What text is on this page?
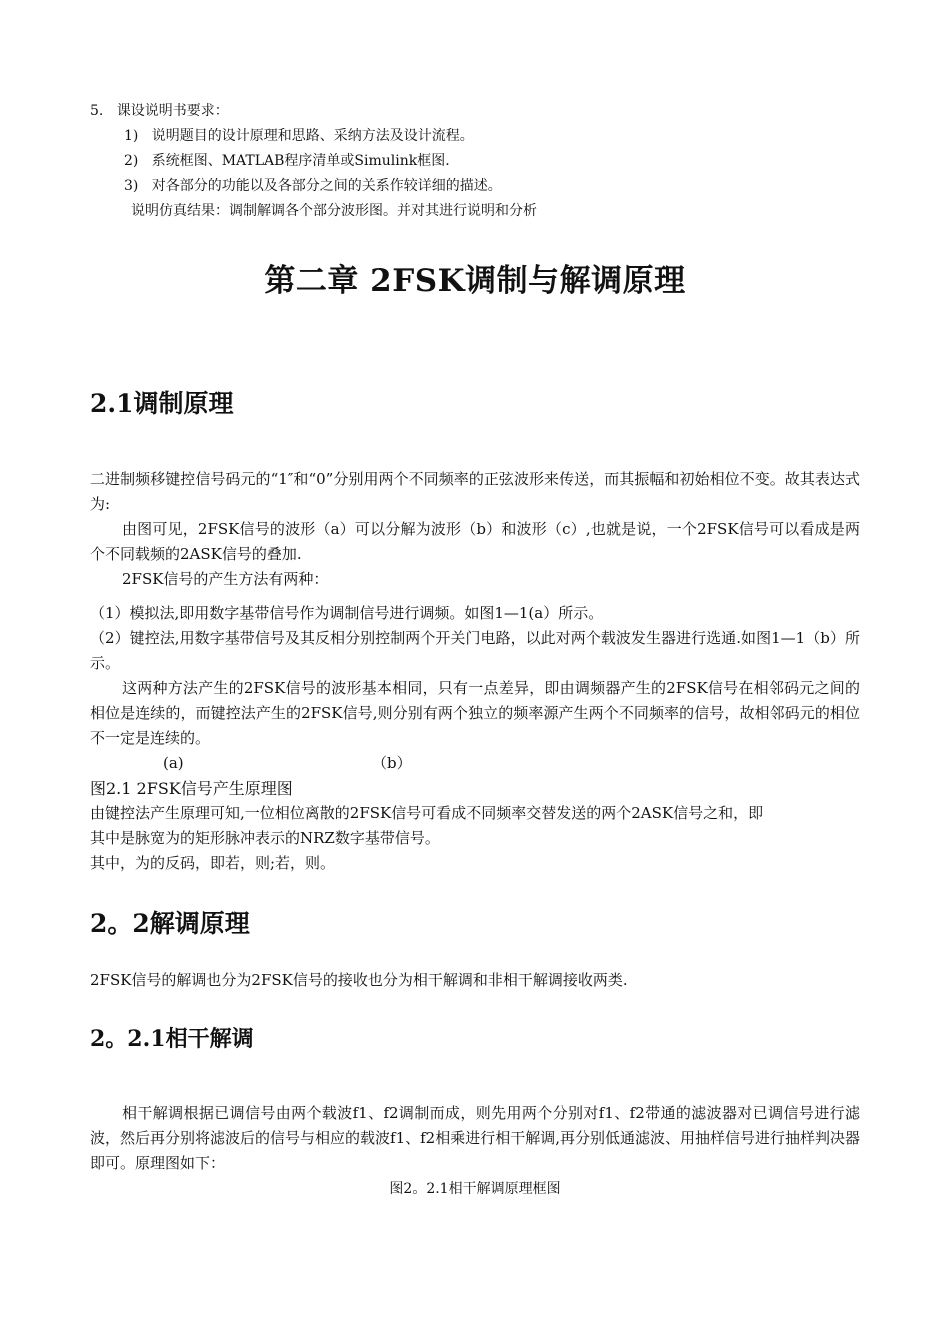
5.   课设说明书要求：
1)   说明题目的设计原理和思路、采纳方法及设计流程。
2)   系统框图、MATLAB程序清单或Simulink框图.
3)   对各部分的功能以及各部分之间的关系作较详细的描述。
说明仿真结果：调制解调各个部分波形图。并对其进行说明和分析
第二章 2FSK调制与解调原理
2.1调制原理
二进制频移键控信号码元的“1″和“0”分别用两个不同频率的正弦波形来传送，而其振幅和初始相位不变。故其表达式为:
由图可见，2FSK信号的波形（a）可以分解为波形（b）和波形（c）,也就是说，一个2FSK信号可以看成是两个不同载频的2ASK信号的叠加.
2FSK信号的产生方法有两种：
（1）模拟法,即用数字基带信号作为调制信号进行调频。如图1—1(a）所示。
（2）键控法,用数字基带信号及其反相分别控制两个开关门电路，以此对两个载波发生器进行选通.如图1—1（b）所示。
这两种方法产生的2FSK信号的波形基本相同，只有一点差异，即由调频器产生的2FSK信号在相邻码元之间的相位是连续的，而键控法产生的2FSK信号,则分别有两个独立的频率源产生两个不同频率的信号，故相邻码元的相位不一定是连续的。
(a)	（b）
图2.1 2FSK信号产生原理图
由键控法产生原理可知,一位相位离散的2FSK信号可看成不同频率交替发送的两个2ASK信号之和，即
其中是脉宽为的矩形脉冲表示的NRZ数字基带信号。
其中，为的反码，即若，则;若，则。
2。2解调原理
2FSK信号的解调也分为2FSK信号的接收也分为相干解调和非相干解调接收两类.
2。2.1相干解调
相干解调根据已调信号由两个载波f1、f2调制而成，则先用两个分别对f1、f2带通的滤波器对已调信号进行滤波，然后再分别将滤波后的信号与相应的载波f1、f2相乘进行相干解调,再分别低通滤波、用抽样信号进行抽样判决器即可。原理图如下：
图2。2.1相干解调原理框图
